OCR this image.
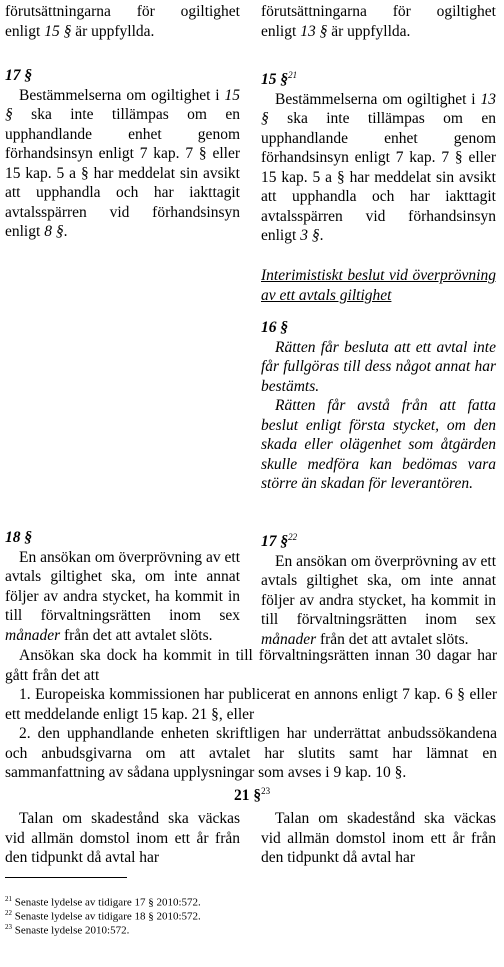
förutsättningarna för ogiltighet

enligt 15 § är uppfyllda.

förutsättningarna för ogiltighet

enligt 13 § är uppfyllda.

17 §

Bestämmelserna om ogiltighet i 15 § ska inte tillämpas om en upphandlande enhet genom förhandsinsyn enligt 7 kap. 7 § eller 15 kap. 5 a § har meddelat sin avsikt att upphandla och har iakttagit avtalsspärren vid förhandsinsyn enligt 8 §.

15 §$^{21}$

Bestämmelserna om ogiltighet i 13 § ska inte tillämpas om en upphandlande enhet genom förhandsinsyn enligt 7 kap. 7 § eller 15 kap. 5 a § har meddelat sin avsikt att upphandla och har iakttagit avtalsspärren vid förhandsinsyn enligt 3 §.

Interimistiskt beslut vid överprövning av ett avtals giltighet

16 §

Rätten får besluta att ett avtal inte får fullgöras till dess något annat har bestämts.

Rätten får avstå från att fatta beslut enligt första stycket, om den skada eller olägenhet som åtgärden skulle medföra kan bedömas vara större än skadan för leverantören.

18 §

En ansökan om överprövning av ett avtals giltighet ska, om inte annat följer av andra stycket, ha kommit in till förvaltningsrätten inom sex månader från det att avtalet slöts.

17 §$^{22}$

En ansökan om överprövning av ett avtals giltighet ska, om inte annat följer av andra stycket, ha kommit in till förvaltningsrätten inom sex månader från det att avtalet slöts.

Ansökan ska dock ha kommit in till förvaltningsrätten innan 30 dagar har gått från det att

1. Europeiska kommissionen har publicerat en annons enligt 7 kap. 6 § eller ett meddelande enligt 15 kap. 21 §, eller

2. den upphandlande enheten skriftligen har underrättat anbudssökandena och anbudsgivarna om att avtalet har slutits samt har lämnat en sammanfattning av sådana upplysningar som avses i 9 kap. 10 §.

21 §$^{23}$

Talan om skadestånd ska väckas vid allmän domstol inom ett år från den tidpunkt då avtal har

Talan om skadestånd ska väckas vid allmän domstol inom ett år från den tidpunkt då avtal har

$^{21}$ Senaste lydelse av tidigare 17 § 2010:572.
$^{22}$ Senaste lydelse av tidigare 18 § 2010:572.
$^{23}$ Senaste lydelse 2010:572.
